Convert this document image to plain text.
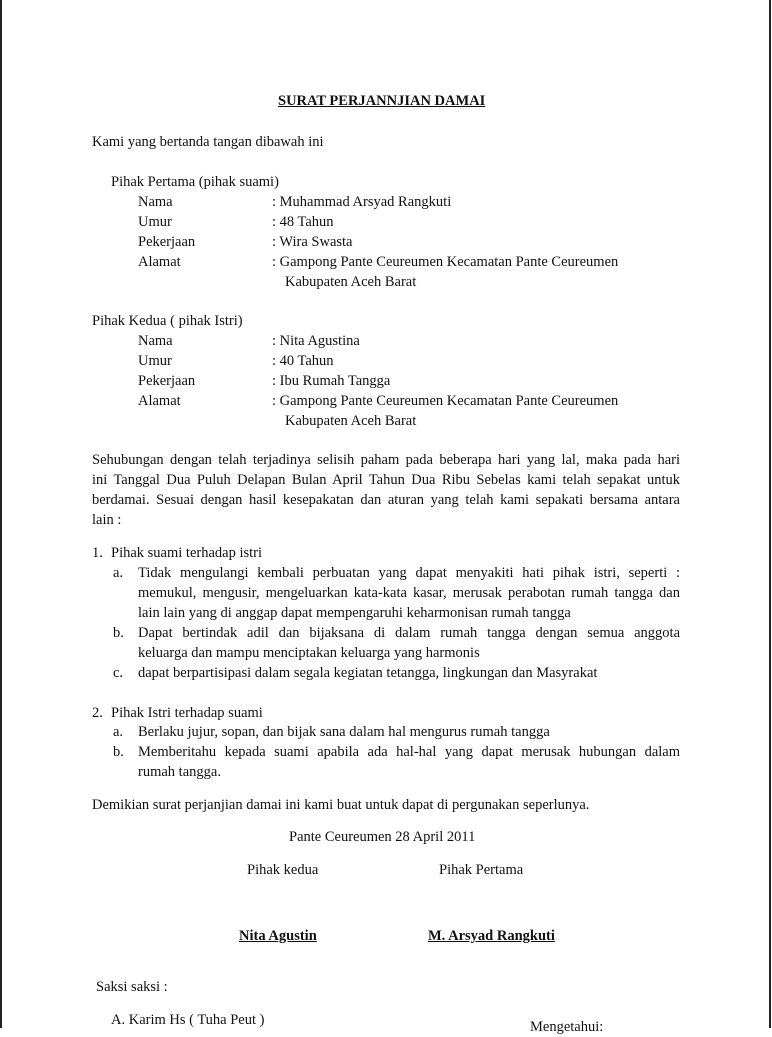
SURAT PERJANNJIAN DAMAI
Kami yang bertanda tangan dibawah ini
Pihak Pertama (pihak suami)
Nama	: Muhammad Arsyad Rangkuti
Umur	: 48 Tahun
Pekerjaan	: Wira Swasta
Alamat	: Gampong Pante Ceureumen Kecamatan Pante Ceureumen
Kabupaten Aceh Barat
Pihak Kedua ( pihak Istri)
Nama	: Nita Agustina
Umur	: 40 Tahun
Pekerjaan	: Ibu Rumah Tangga
Alamat	: Gampong Pante Ceureumen Kecamatan Pante Ceureumen
Kabupaten Aceh Barat
Sehubungan dengan telah terjadinya selisih paham pada beberapa hari yang lal, maka pada hari
ini Tanggal Dua Puluh Delapan Bulan April Tahun Dua Ribu Sebelas kami telah sepakat untuk
berdamai. Sesuai dengan hasil kesepakatan dan aturan yang telah kami sepakati bersama antara
lain :
1. Pihak suami terhadap istri
a. Tidak mengulangi kembali perbuatan yang dapat menyakiti hati pihak istri, seperti :
memukul, mengusir, mengeluarkan kata-kata kasar, merusak perabotan rumah tangga dan
lain lain yang di anggap dapat mempengaruhi keharmonisan rumah tangga
b. Dapat bertindak adil dan bijaksana di dalam rumah tangga dengan semua anggota
keluarga dan mampu menciptakan keluarga yang harmonis
c. dapat berpartisipasi dalam segala kegiatan tetangga, lingkungan dan Masyrakat
2. Pihak Istri terhadap suami
a. Berlaku jujur, sopan, dan bijak sana dalam hal mengurus rumah tangga
b. Memberitahu kepada suami apabila ada hal-hal yang dapat merusak hubungan dalam
rumah tangga.
Demikian surat perjanjian damai ini kami buat untuk dapat di pergunakan seperlunya.
Pante Ceureumen 28 April 2011
Pihak kedua	Pihak Pertama
Nita Agustin	M. Arsyad Rangkuti
Saksi saksi :
A. Karim Hs ( Tuha Peut )	Mengetahui:
